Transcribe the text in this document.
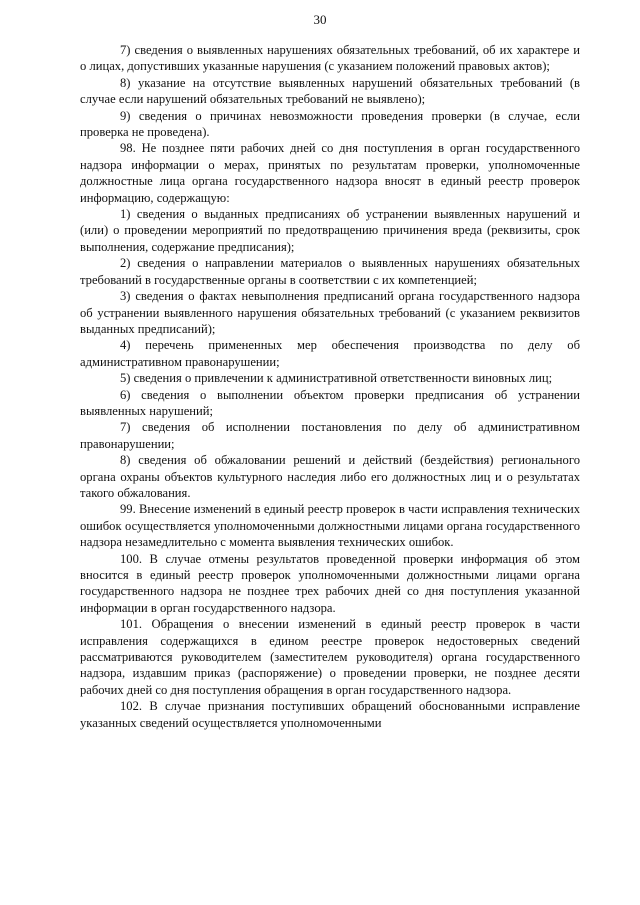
30

7) сведения о выявленных нарушениях обязательных требований, об их характере и о лицах, допустивших указанные нарушения (с указанием положений правовых актов);

8) указание на отсутствие выявленных нарушений обязательных требований (в случае если нарушений обязательных требований не выявлено);

9) сведения о причинах невозможности проведения проверки (в случае, если проверка не проведена).

98. Не позднее пяти рабочих дней со дня поступления в орган государственного надзора информации о мерах, принятых по результатам проверки, уполномоченные должностные лица органа государственного надзора вносят в единый реестр проверок информацию, содержащую:

1) сведения о выданных предписаниях об устранении выявленных нарушений и (или) о проведении мероприятий по предотвращению причинения вреда (реквизиты, срок выполнения, содержание предписания);

2) сведения о направлении материалов о выявленных нарушениях обязательных требований в государственные органы в соответствии с их компетенцией;

3) сведения о фактах невыполнения предписаний органа государственного надзора об устранении выявленного нарушения обязательных требований (с указанием реквизитов выданных предписаний);

4) перечень примененных мер обеспечения производства по делу об административном правонарушении;

5) сведения о привлечении к административной ответственности виновных лиц;

6) сведения о выполнении объектом проверки предписания об устранении выявленных нарушений;

7) сведения об исполнении постановления по делу об административном правонарушении;

8) сведения об обжаловании решений и действий (бездействия) регионального органа охраны объектов культурного наследия либо его должностных лиц и о результатах такого обжалования.

99. Внесение изменений в единый реестр проверок в части исправления технических ошибок осуществляется уполномоченными должностными лицами органа государственного надзора незамедлительно с момента выявления технических ошибок.

100. В случае отмены результатов проведенной проверки информация об этом вносится в единый реестр проверок уполномоченными должностными лицами органа государственного надзора не позднее трех рабочих дней со дня поступления указанной информации в орган государственного надзора.

101. Обращения о внесении изменений в единый реестр проверок в части исправления содержащихся в едином реестре проверок недостоверных сведений рассматриваются руководителем (заместителем руководителя) органа государственного надзора, издавшим приказ (распоряжение) о проведении проверки, не позднее десяти рабочих дней со дня поступления обращения в орган государственного надзора.

102. В случае признания поступивших обращений обоснованными исправление указанных сведений осуществляется уполномоченными
